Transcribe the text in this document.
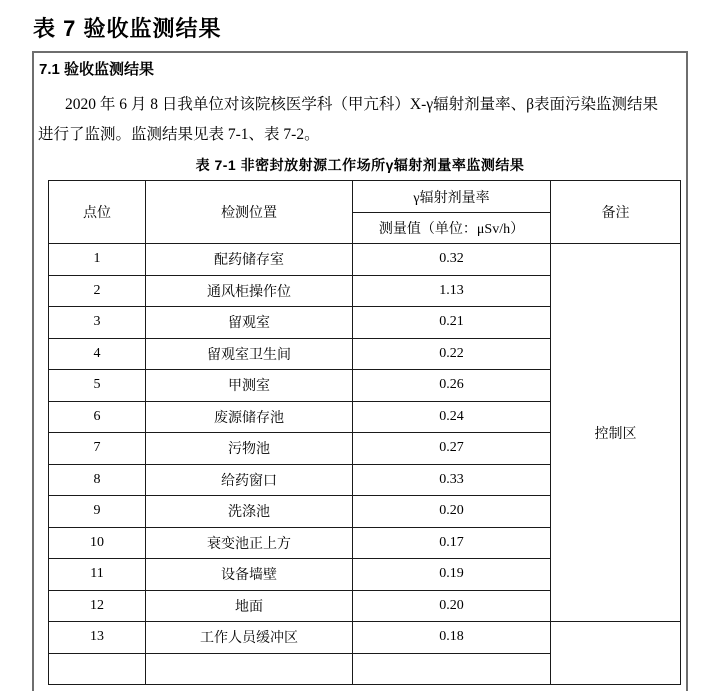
表 7 验收监测结果
7.1 验收监测结果
2020 年 6 月 8 日我单位对该院核医学科（甲亢科）X-γ辐射剂量率、β表面污染监测结果
进行了监测。监测结果见表 7-1、表 7-2。
表 7-1 非密封放射源工作场所γ辐射剂量率监测结果
点位	检测位置	γ辐射剂量率	备注
		测量值（单位：μSv/h）	
1	配药储存室	0.32	控制区
2	通风柜操作位	1.13	
3	留观室	0.21	
4	留观室卫生间	0.22	
5	甲测室	0.26	
6	废源储存池	0.24	
7	污物池	0.27	
8	给药窗口	0.33	
9	洗涤池	0.20	
10	衰变池正上方	0.17	
11	设备墙壁	0.19	
12	地面	0.20	
13	工作人员缓冲区	0.18	
